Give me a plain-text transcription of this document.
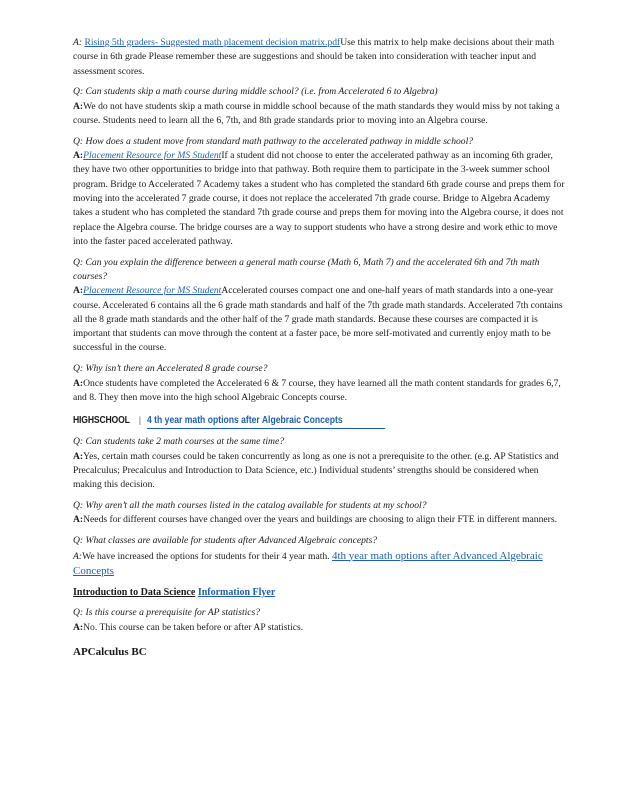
A: Rising 5th graders- Suggested math placement decision matrix.pdfUse this matrix to help make decisions about their math course in 6th grade Please remember these are suggestions and should be taken into consideration with teacher input and assessment scores.

Q: Can students skip a math course during middle school? (i.e. from Accelerated 6 to Algebra)

A:We do not have students skip a math course in middle school because of the math standards they would miss by not taking a course. Students need to learn all the 6, 7th, and 8th grade standards prior to moving into an Algebra course.

Q: How does a student move from standard math pathway to the accelerated pathway in middle school?

A:Placement Resource for MS StudentIf a student did not choose to enter the accelerated pathway as an incoming 6th grader, they have two other opportunities to bridge into that pathway. Both require them to participate in the 3-week summer school program. Bridge to Accelerated 7 Academy takes a student who has completed the standard 6th grade course and preps them for moving into the accelerated 7 grade course, it does not replace the accelerated 7th grade course. Bridge to Algebra Academy takes a student who has completed the standard 7th grade course and preps them for moving into the Algebra course, it does not replace the Algebra course. The bridge courses are a way to support students who have a strong desire and work ethic to move into the faster paced accelerated pathway.

Q: Can you explain the difference between a general math course (Math 6, Math 7) and the accelerated 6th and 7th math courses?

A:Placement Resource for MS StudentAccelerated courses compact one and one-half years of math standards into a one-year course. Accelerated 6 contains all the 6 grade math standards and half of the 7th grade math standards. Accelerated 7th contains all the 8 grade math standards and the other half of the 7 grade math standards. Because these courses are compacted it is important that students can move through the content at a faster pace, be more self-motivated and currently enjoy math to be successful in the course.

Q: Why isn’t there an Accelerated 8 grade course?

A:Once students have completed the Accelerated 6 & 7 course, they have learned all the math content standards for grades 6,7, and 8. They then move into the high school Algebraic Concepts course.

HIGHSCHOOL | 4 th year math options after Algebraic Concepts

Q: Can students take 2 math courses at the same time?

A:Yes, certain math courses could be taken concurrently as long as one is not a prerequisite to the other. (e.g. AP Statistics and Precalculus; Precalculus and Introduction to Data Science, etc.) Individual students’ strengths should be considered when making this decision.

Q: Why aren’t all the math courses listed in the catalog available for students at my school?

A:Needs for different courses have changed over the years and buildings are choosing to align their FTE in different manners.

Q: What classes are available for students after Advanced Algebraic concepts?

A:We have increased the options for students for their 4 year math. 4th year math options after Advanced Algebraic Concepts

Introduction to Data Science Information Flyer

Q: Is this course a prerequisite for AP statistics?

A:No. This course can be taken before or after AP statistics.

APCalculus BC
